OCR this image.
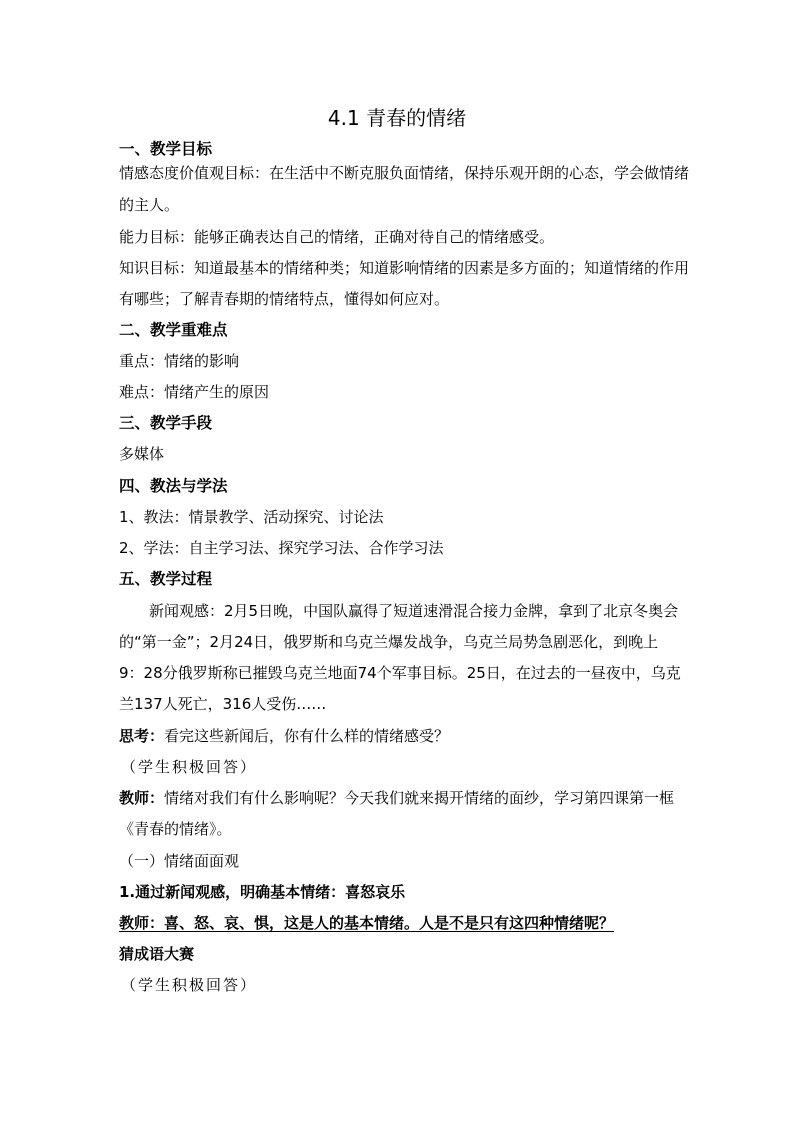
4.1 青春的情绪
一、教学目标
情感态度价值观目标：在生活中不断克服负面情绪，保持乐观开朗的心态，学会做情绪
的主人。
能力目标：能够正确表达自己的情绪，正确对待自己的情绪感受。
知识目标：知道最基本的情绪种类；知道影响情绪的因素是多方面的；知道情绪的作用
有哪些；了解青春期的情绪特点，懂得如何应对。
二、教学重难点
重点：情绪的影响
难点：情绪产生的原因
三、教学手段
多媒体
四、教法与学法
1、教法：情景教学、活动探究、讨论法
2、学法：自主学习法、探究学习法、合作学习法
五、教学过程
新闻观感：2月5日晚，中国队赢得了短道速滑混合接力金牌，拿到了北京冬奥会
的“第一金”；2月24日，俄罗斯和乌克兰爆发战争，乌克兰局势急剧恶化，到晚上
9：28分俄罗斯称已摧毁乌克兰地面74个军事目标。25日，在过去的一昼夜中，乌克
兰137人死亡，316人受伤……
思考：看完这些新闻后，你有什么样的情绪感受？
（学生积极回答）
教师：情绪对我们有什么影响呢？今天我们就来揭开情绪的面纱，学习第四课第一框
《青春的情绪》。
（一）情绪面面观
1.通过新闻观感，明确基本情绪：喜怒哀乐
教师：喜、怒、哀、惧，这是人的基本情绪。人是不是只有这四种情绪呢？
猜成语大赛
（学生积极回答）
